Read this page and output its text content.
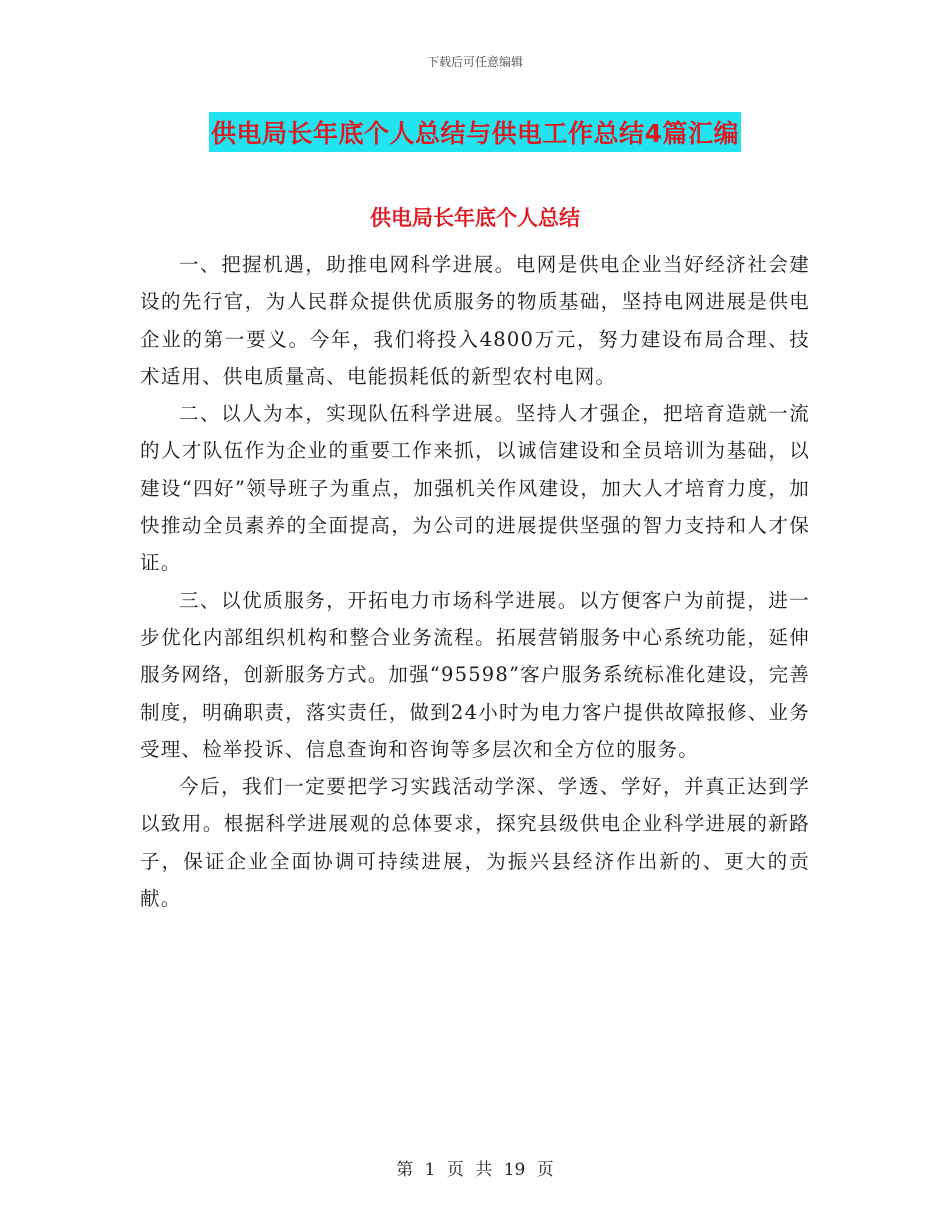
下载后可任意编辑
供电局长年底个人总结与供电工作总结4篇汇编
供电局长年底个人总结

一、把握机遇，助推电网科学进展。电网是供电企业当好经济社会建设的先行官，为人民群众提供优质服务的物质基础，坚持电网进展是供电企业的第一要义。今年，我们将投入4800万元，努力建设布局合理、技术适用、供电质量高、电能损耗低的新型农村电网。

二、以人为本，实现队伍科学进展。坚持人才强企，把培育造就一流的人才队伍作为企业的重要工作来抓，以诚信建设和全员培训为基础，以建设“四好”领导班子为重点，加强机关作风建设，加大人才培育力度，加快推动全员素养的全面提高，为公司的进展提供坚强的智力支持和人才保证。

三、以优质服务，开拓电力市场科学进展。以方便客户为前提，进一步优化内部组织机构和整合业务流程。拓展营销服务中心系统功能，延伸服务网络，创新服务方式。加强“95598”客户服务系统标准化建设，完善制度，明确职责，落实责任，做到24小时为电力客户提供故障报修、业务受理、检举投诉、信息查询和咨询等多层次和全方位的服务。

今后，我们一定要把学习实践活动学深、学透、学好，并真正达到学以致用。根据科学进展观的总体要求，探究县级供电企业科学进展的新路子，保证企业全面协调可持续进展，为振兴县经济作出新的、更大的贡献。

第 1 页 共 19 页
